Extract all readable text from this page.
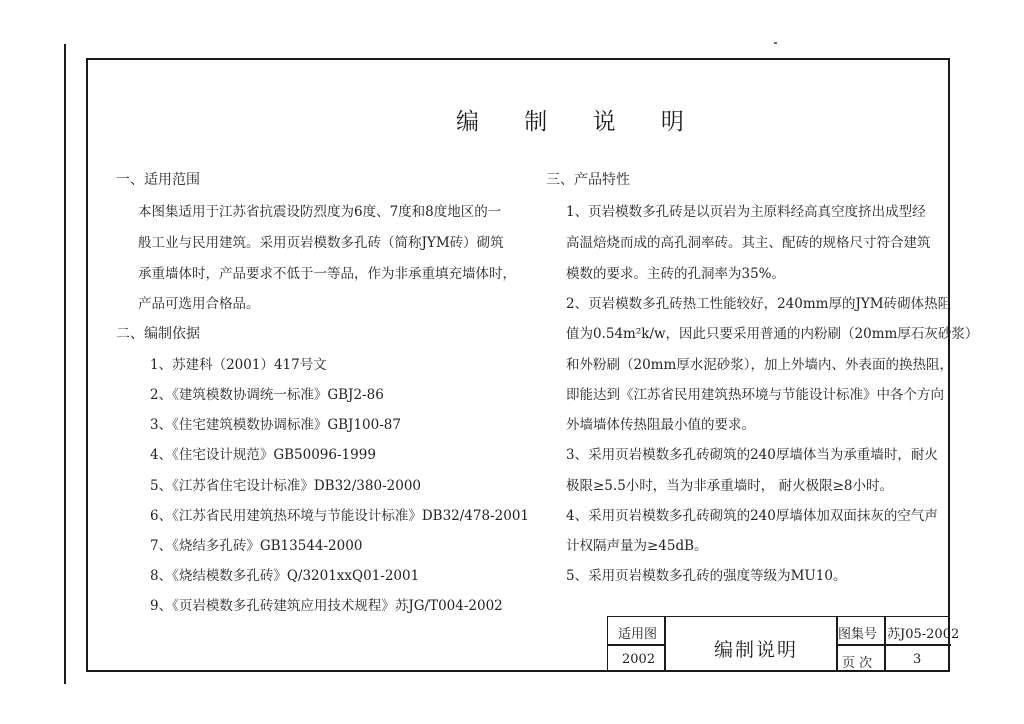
编 制 说 明
一、适用范围
本图集适用于江苏省抗震设防烈度为6度、7度和8度地区的一
般工业与民用建筑。采用页岩模数多孔砖（简称JYM砖）砌筑
承重墙体时，产品要求不低于一等品，作为非承重填充墙体时，
产品可选用合格品。
二、编制依据
1、苏建科（2001）417号文
2、《建筑模数协调统一标准》GBJ2-86
3、《住宅建筑模数协调标准》GBJ100-87
4、《住宅设计规范》GB50096-1999
5、《江苏省住宅设计标准》DB32/380-2000
6、《江苏省民用建筑热环境与节能设计标准》DB32/478-2001
7、《烧结多孔砖》GB13544-2000
8、《烧结模数多孔砖》Q/3201xxQ01-2001
9、《页岩模数多孔砖建筑应用技术规程》苏JG/T004-2002
三、产品特性
1、页岩模数多孔砖是以页岩为主原料经高真空度挤出成型经
高温焙烧而成的高孔洞率砖。其主、配砖的规格尺寸符合建筑
模数的要求。主砖的孔洞率为35%。
2、页岩模数多孔砖热工性能较好，240mm厚的JYM砖砌体热阻
值为0.54m²k/w，因此只要采用普通的内粉刷（20mm厚石灰砂浆）
和外粉刷（20mm厚水泥砂浆），加上外墙内、外表面的换热阻，
即能达到《江苏省民用建筑热环境与节能设计标准》中各个方向
外墙墙体传热阻最小值的要求。
3、采用页岩模数多孔砖砌筑的240厚墙体当为承重墙时，耐火
极限≥5.5小时，当为非承重墙时， 耐火极限≥8小时。
4、采用页岩模数多孔砖砌筑的240厚墙体加双面抹灰的空气声
计权隔声量为≥45dB。
5、采用页岩模数多孔砖的强度等级为MU10。
适用图
2002	编制说明
图集号 苏J05-2002
页 次	3
